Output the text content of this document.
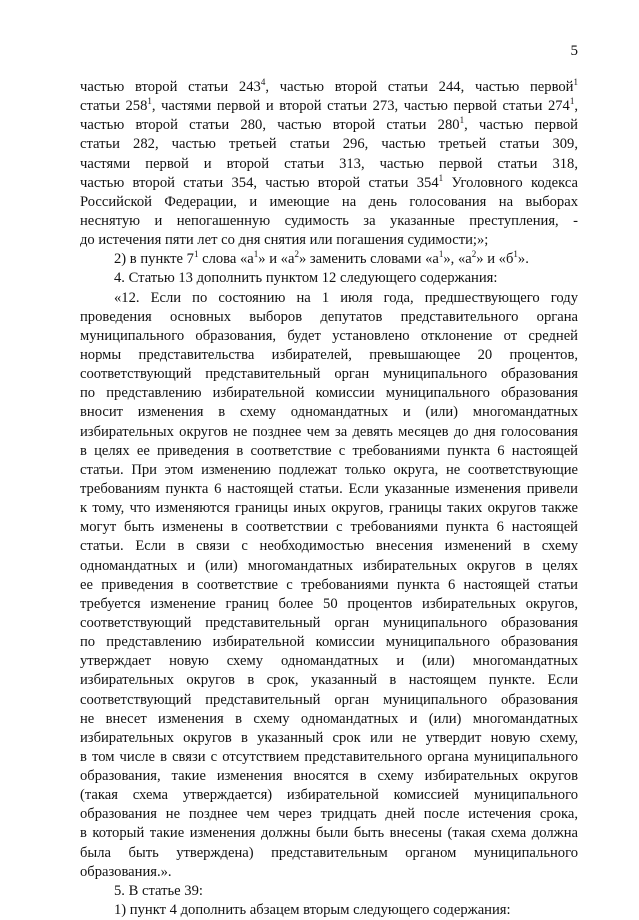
5
частью второй статьи $243^4$, частью второй статьи 244, частью первой$^1$
статьи $258^1$, частями первой и второй статьи 273, частью первой статьи $274^1$,
частью второй статьи 280, частью второй статьи $280^1$, частью первой
статьи 282, частью третьей статьи 296, частью третьей статьи 309,
частями первой и второй статьи 313, частью первой статьи 318,
частью второй статьи 354, частью второй статьи $354^1$ Уголовного кодекса
Российской Федерации, и имеющие на день голосования на выборах
неснятую и непогашенную судимость за указанные преступления, -
до истечения пяти лет со дня снятия или погашения судимости;»;
2) в пункте $7^1$ слова «$а^1$» и «$а^2$» заменить словами «$а^1$», «$а^2$» и «$б^1$».
4. Статью 13 дополнить пунктом 12 следующего содержания:
«12. Если по состоянию на 1 июля года, предшествующего году
проведения основных выборов депутатов представительного органа
муниципального образования, будет установлено отклонение от средней
нормы представительства избирателей, превышающее 20 процентов,
соответствующий представительный орган муниципального образования
по представлению избирательной комиссии муниципального образования
вносит изменения в схему одномандатных и (или) многомандатных
избирательных округов не позднее чем за девять месяцев до дня голосования
в целях ее приведения в соответствие с требованиями пункта 6 настоящей
статьи. При этом изменению подлежат только округа, не соответствующие
требованиям пункта 6 настоящей статьи. Если указанные изменения привели
к тому, что изменяются границы иных округов, границы таких округов также
могут быть изменены в соответствии с требованиями пункта 6 настоящей
статьи. Если в связи с необходимостью внесения изменений в схему
одномандатных и (или) многомандатных избирательных округов в целях
ее приведения в соответствие с требованиями пункта 6 настоящей статьи
требуется изменение границ более 50 процентов избирательных округов,
соответствующий представительный орган муниципального образования
по представлению избирательной комиссии муниципального образования
утверждает новую схему одномандатных и (или) многомандатных
избирательных округов в срок, указанный в настоящем пункте. Если
соответствующий представительный орган муниципального образования
не внесет изменения в схему одномандатных и (или) многомандатных
избирательных округов в указанный срок или не утвердит новую схему,
в том числе в связи с отсутствием представительного органа муниципального
образования, такие изменения вносятся в схему избирательных округов
(такая схема утверждается) избирательной комиссией муниципального
образования не позднее чем через тридцать дней после истечения срока,
в который такие изменения должны были быть внесены (такая схема должна
была быть утверждена) представительным органом муниципального
образования.».
5. В статье 39:
1) пункт 4 дополнить абзацем вторым следующего содержания:
